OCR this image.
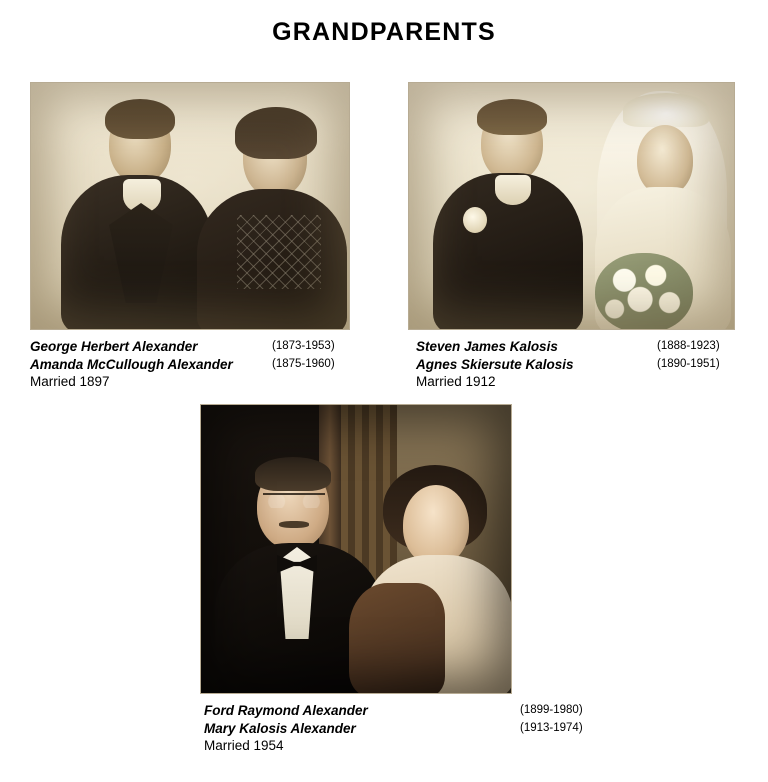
GRANDPARENTS
George Herbert Alexander
Amanda McCullough Alexander
Married 1897
(1873-1953)
(1875-1960)
Steven James Kalosis
Agnes Skiersute Kalosis
Married 1912
(1888-1923)
(1890-1951)
Ford Raymond Alexander
Mary Kalosis Alexander
Married 1954
(1899-1980)
(1913-1974)
